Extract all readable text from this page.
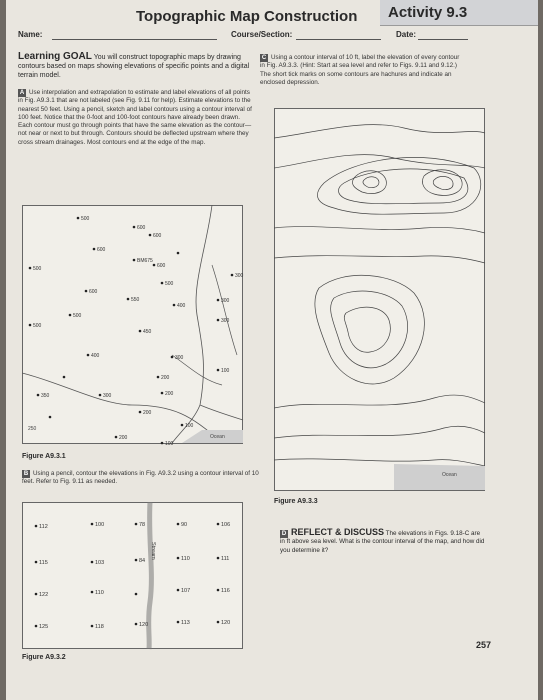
Topographic Map Construction	Activity 9.3
Name:	Course/Section:	Date:
Learning GOAL You will construct topographic maps by drawing contours based on maps showing elevations of specific points and a digital terrain model.
A Use interpolation and extrapolation to estimate and label elevations of all points in Fig. A9.3.1 that are not labeled (see Fig. 9.11 for help). Estimate elevations to the nearest 50 feet. Using a pencil, sketch and label contours using a contour interval of 100 feet. Notice that the 0-foot and 100-foot contours have already been drawn. Each contour must go through points that have the same elevation as the contour—not near or next to but through. Contours should be deflected upstream where they cross stream drainages. Most contours end at the edge of the map.
C Using a contour interval of 10 ft, label the elevation of every contour in Fig. A9.3.3. (Hint: Start at sea level and refer to Figs. 9.11 and 9.12.) The short tick marks on some contours are hachures and indicate an enclosed depression.
Ocean
250
500
600
600
600
BM675
600
500
300
600
500
550
400
300
500
500
450
300
400	300
200
100
350	300	200
200
100
200
100
Figure A9.3.1
B Using a pencil, contour the elevations in Fig. A9.3.2 using a contour interval of 10 feet. Refer to Fig. 9.11 as needed.
Stream
112	100	78	90	106
115	103	84	110	111
122	110	107	116
125	118	120	113	120
Figure A9.3.2
Ocean
Figure A9.3.3
D REFLECT & DISCUSS The elevations in Figs. 9.18-C are in ft above sea level. What is the contour interval of the map, and how did you determine it?
257
